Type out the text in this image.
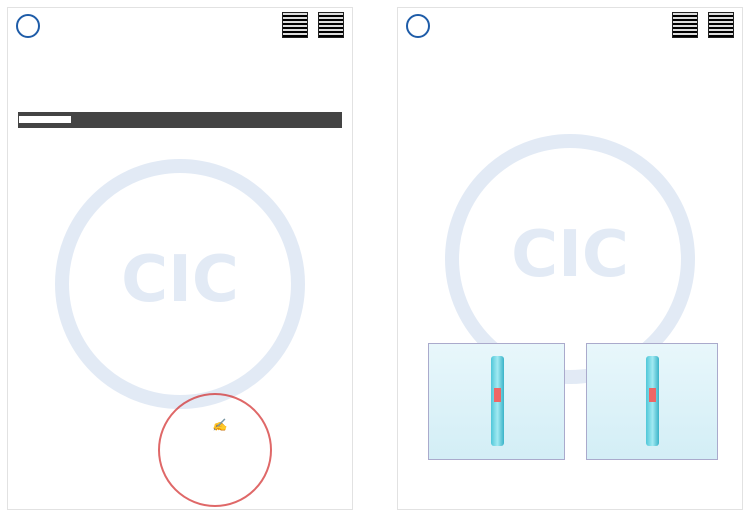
CIC

✍
CIC
